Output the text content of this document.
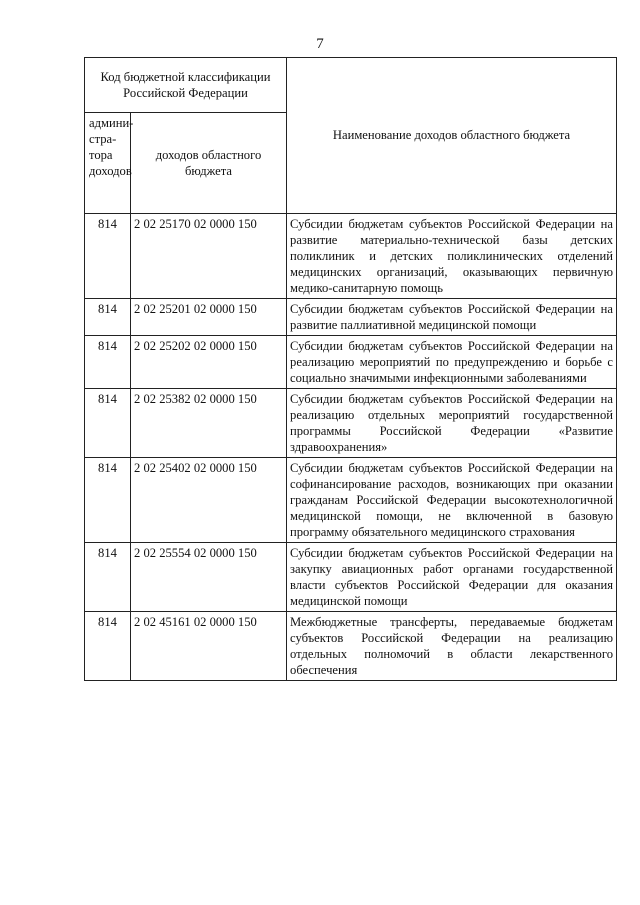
7
Код бюджетной классификации Российской Федерации		Наименование доходов областного бюджета
админи-стра-тора доходов	доходов областного бюджета	
814	2 02 25170 02 0000 150	Субсидии бюджетам субъектов Российской Федерации на развитие материально-технической базы детских поликлиник и детских поликлинических отделений медицинских организаций, оказывающих первичную медико-санитарную помощь
814	2 02 25201 02 0000 150	Субсидии бюджетам субъектов Российской Федерации на развитие паллиативной медицинской помощи
814	2 02 25202 02 0000 150	Субсидии бюджетам субъектов Российской Федерации на реализацию мероприятий по предупреждению и борьбе с социально значимыми инфекционными заболеваниями
814	2 02 25382 02 0000 150	Субсидии бюджетам субъектов Российской Федерации на реализацию отдельных мероприятий государственной программы Российской Федерации «Развитие здравоохранения»
814	2 02 25402 02 0000 150	Субсидии бюджетам субъектов Российской Федерации на софинансирование расходов, возникающих при оказании гражданам Российской Федерации высокотехнологичной медицинской помощи, не включенной в базовую программу обязательного медицинского страхования
814	2 02 25554 02 0000 150	Субсидии бюджетам субъектов Российской Федерации на закупку авиационных работ органами государственной власти субъектов Российской Федерации для оказания медицинской помощи
814	2 02 45161 02 0000 150	Межбюджетные трансферты, передаваемые бюджетам субъектов Российской Федерации на реализацию отдельных полномочий в области лекарственного обеспечения
